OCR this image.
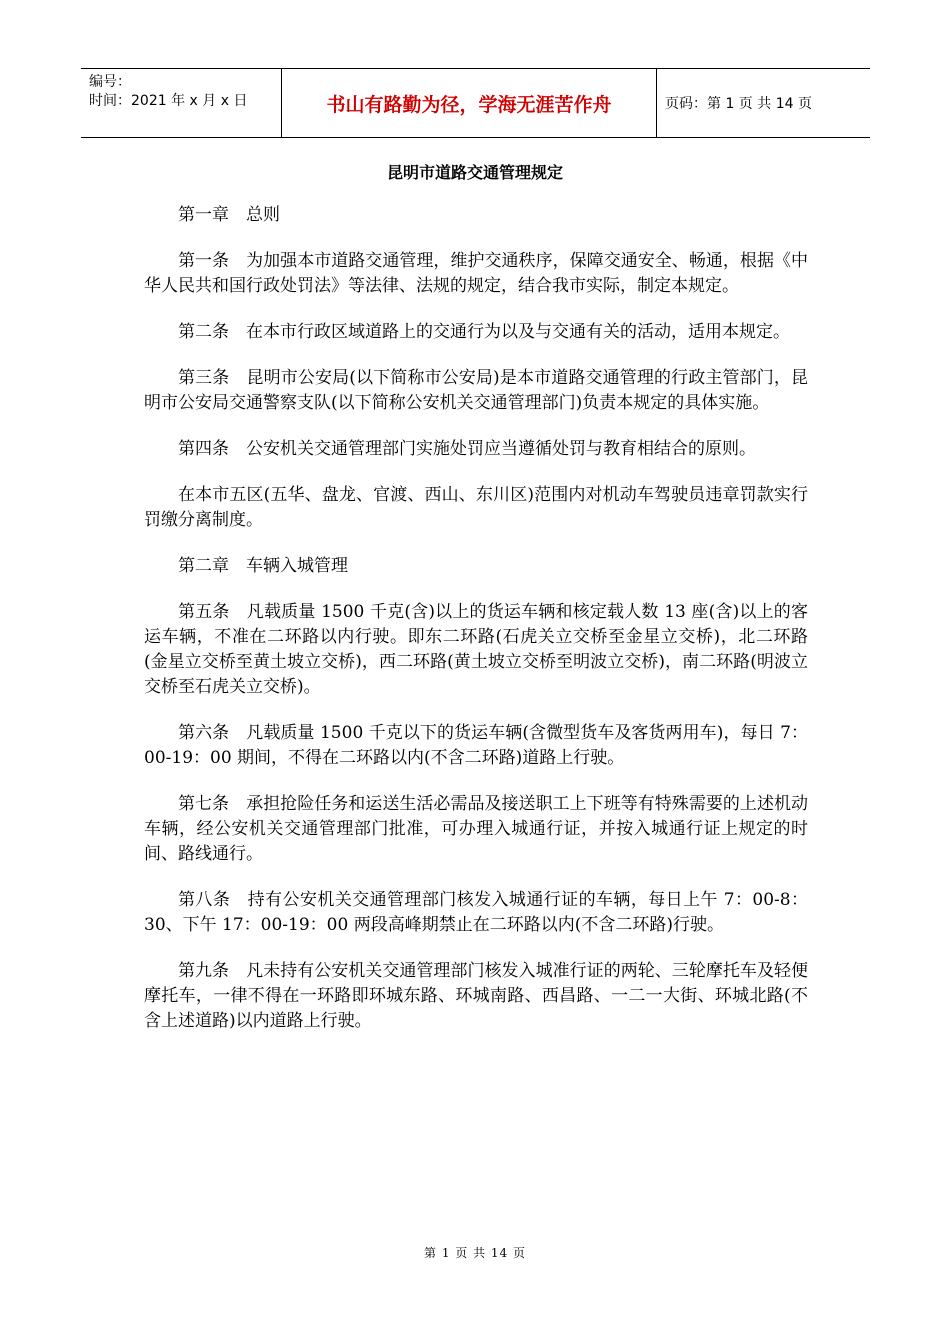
编号：
时间：2021 年 x 月 x 日	书山有路勤为径，学海无涯苦作舟	页码：第 1 页 共 14 页
昆明市道路交通管理规定

第一章　总则

第一条　为加强本市道路交通管理，维护交通秩序，保障交通安全、畅通，根据《中华人民共和国行政处罚法》等法律、法规的规定，结合我市实际，制定本规定。

第二条　在本市行政区域道路上的交通行为以及与交通有关的活动，适用本规定。

第三条　昆明市公安局(以下简称市公安局)是本市道路交通管理的行政主管部门，昆明市公安局交通警察支队(以下简称公安机关交通管理部门)负责本规定的具体实施。

第四条　公安机关交通管理部门实施处罚应当遵循处罚与教育相结合的原则。

在本市五区(五华、盘龙、官渡、西山、东川区)范围内对机动车驾驶员违章罚款实行罚缴分离制度。

第二章　车辆入城管理

第五条　凡载质量 1500 千克(含)以上的货运车辆和核定载人数 13 座(含)以上的客运车辆，不准在二环路以内行驶。即东二环路(石虎关立交桥至金星立交桥)，北二环路(金星立交桥至黄土坡立交桥)，西二环路(黄土坡立交桥至明波立交桥)，南二环路(明波立交桥至石虎关立交桥)。

第六条　凡载质量 1500 千克以下的货运车辆(含微型货车及客货两用车)，每日 7：00-19：00 期间，不得在二环路以内(不含二环路)道路上行驶。

第七条　承担抢险任务和运送生活必需品及接送职工上下班等有特殊需要的上述机动车辆，经公安机关交通管理部门批准，可办理入城通行证，并按入城通行证上规定的时间、路线通行。

第八条　持有公安机关交通管理部门核发入城通行证的车辆，每日上午 7：00-8：30、下午 17：00-19：00 两段高峰期禁止在二环路以内(不含二环路)行驶。

第九条　凡未持有公安机关交通管理部门核发入城准行证的两轮、三轮摩托车及轻便摩托车，一律不得在一环路即环城东路、环城南路、西昌路、一二一大街、环城北路(不含上述道路)以内道路上行驶。

第 1 页 共 14 页
